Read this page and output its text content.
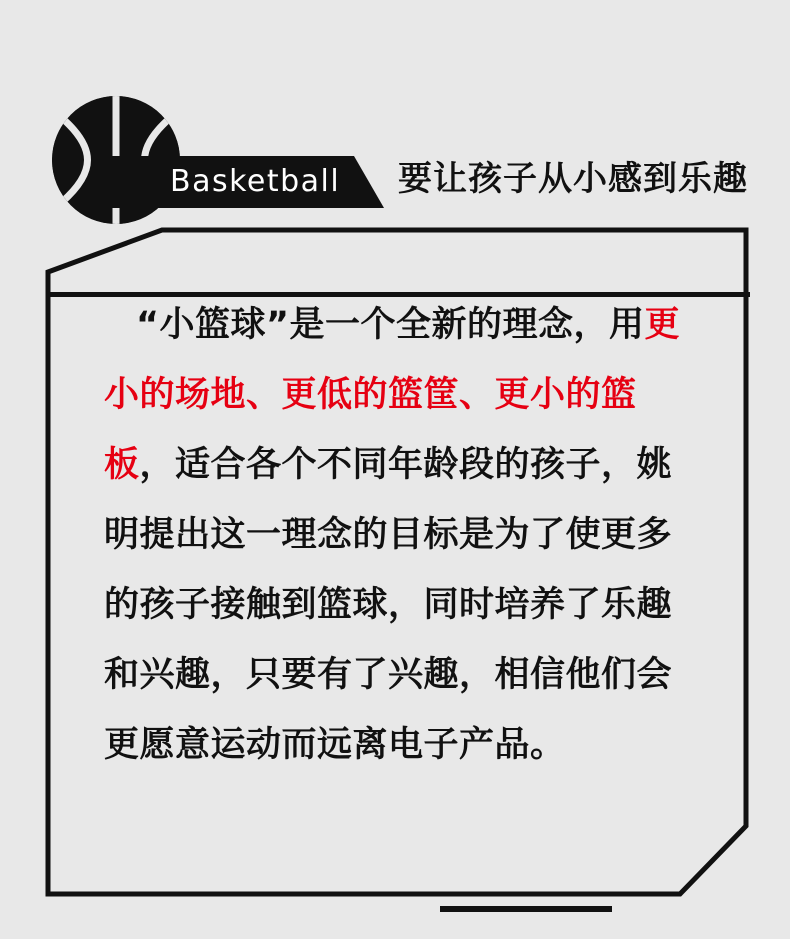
Basketball 要让孩子从小感到乐趣
“小篮球”是一个全新的理念，用更小的场地、更低的篮筐、更小的篮板，适合各个不同年龄段的孩子，姚明提出这一理念的目标是为了使更多的孩子接触到篮球，同时培养了乐趣和兴趣，只要有了兴趣，相信他们会更愿意运动而远离电子产品。
